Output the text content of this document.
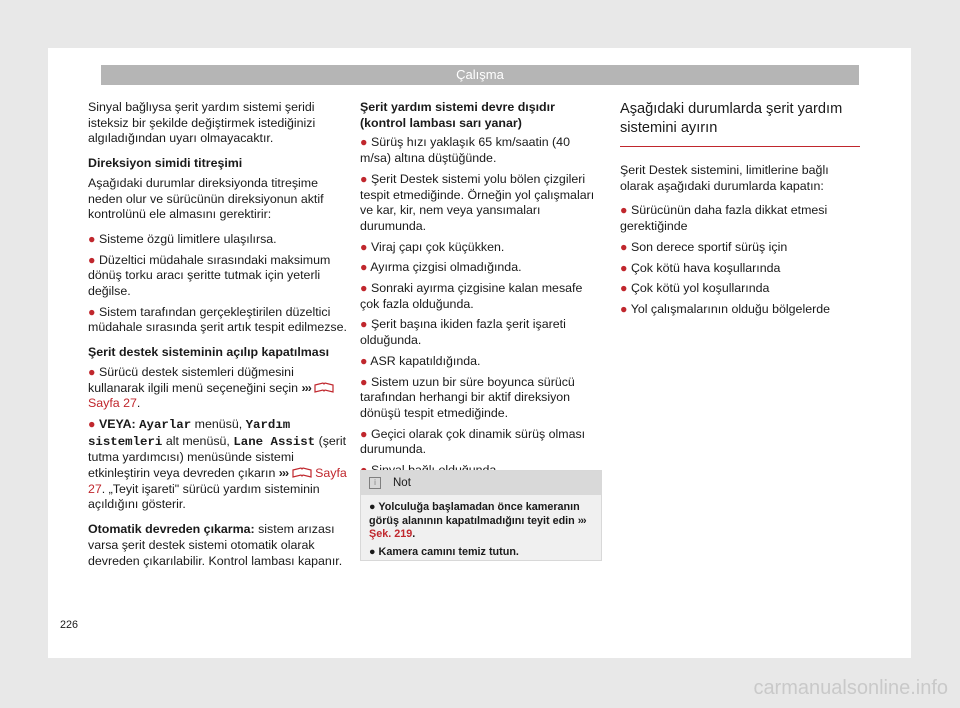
Çalışma

Sinyal bağlıysa şerit yardım sistemi şeridi isteksiz bir şekilde değiştirmek istediğinizi algıladığından uyarı olmayacaktır.

Direksiyon simidi titreşimi

Aşağıdaki durumlar direksiyonda titreşime neden olur ve sürücünün direksiyonun aktif kontrolünü ele almasını gerektirir:

● Sisteme özgü limitlere ulaşılırsa.
● Düzeltici müdahale sırasındaki maksimum dönüş torku aracı şeritte tutmak için yeterli değilse.
● Sistem tarafından gerçekleştirilen düzeltici müdahale sırasında şerit artık tespit edilmezse.

Şerit destek sisteminin açılıp kapatılması

● Sürücü destek sistemleri düğmesini kullanarak ilgili menü seçeneğini seçin ›››  Sayfa 27.
● VEYA: Ayarlar menüsü, Yardım sistemleri alt menüsü, Lane Assist (şerit tutma yardımcısı) menüsünde sistemi etkinleştirin veya devreden çıkarın ››› Sayfa 27. „Teyit işareti" sürücü yardım sisteminin açıldığını gösterir.

Otomatik devreden çıkarma: sistem arızası varsa şerit destek sistemi otomatik olarak devreden çıkarılabilir. Kontrol lambası kapanır.

Şerit yardım sistemi devre dışıdır (kontrol lambası sarı yanar)

● Sürüş hızı yaklaşık 65 km/saatin (40 m/sa) altına düştüğünde.
● Şerit Destek sistemi yolu bölen çizgileri tespit etmediğinde. Örneğin yol çalışmaları ve kar, kir, nem veya yansımaları durumunda.
● Viraj çapı çok küçükken.
● Ayırma çizgisi olmadığında.
● Sonraki ayırma çizgisine kalan mesafe çok fazla olduğunda.
● Şerit başına ikiden fazla şerit işareti olduğunda.
● ASR kapatıldığında.
● Sistem uzun bir süre boyunca sürücü tarafından herhangi bir aktif direksiyon dönüşü tespit etmediğinde.
● Geçici olarak çok dinamik sürüş olması durumunda.
i	Not
● Yolculuğa başlamadan önce kameranın görüş alanının kapatılmadığını teyit edin ››› Şek. 219.
● Kamera camını temiz tutun.
Aşağıdaki durumlarda şerit yardım sistemini ayırın

Şerit Destek sistemini, limitlerine bağlı olarak aşağıdaki durumlarda kapatın:

● Sürücünün daha fazla dikkat etmesi gerektiğinde
● Son derece sportif sürüş için
● Çok kötü hava koşullarında
● Çok kötü yol koşullarında
● Yol çalışmalarının olduğu bölgelerde
226
carmanualsonline.info
